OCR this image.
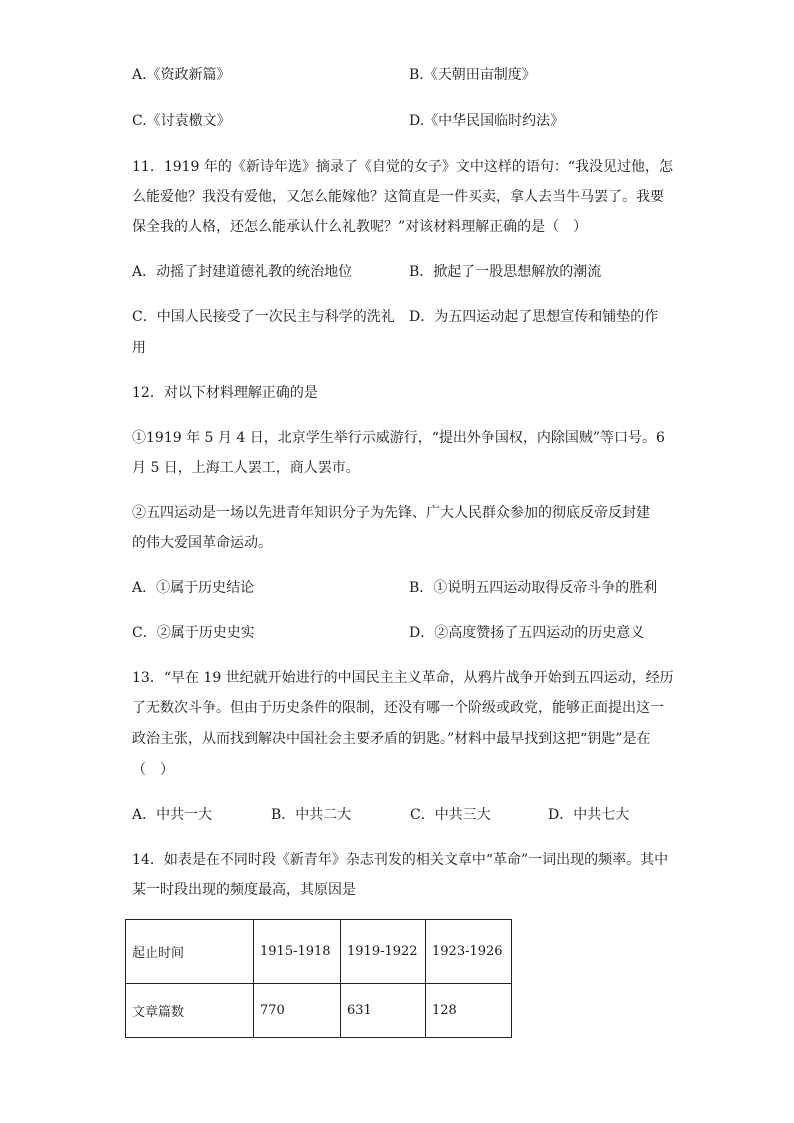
A.《资政新篇》	B.《天朝田亩制度》
C.《讨袁檄文》	D.《中华民国临时约法》
11．1919 年的《新诗年选》摘录了《自觉的女子》文中这样的语句：“我没见过他，怎
么能爱他？我没有爱他，又怎么能嫁他？这简直是一件买卖，拿人去当牛马罢了。我要
保全我的人格，还怎么能承认什么礼教呢？”对该材料理解正确的是（　）
A．动摇了封建道德礼教的统治地位	B．掀起了一股思想解放的潮流
C．中国人民接受了一次民主与科学的洗礼 D．为五四运动起了思想宣传和铺垫的作
用
12．对以下材料理解正确的是
①1919 年 5 月 4 日，北京学生举行示威游行，“提出外争国权，内除国贼”等口号。6
月 5 日，上海工人罢工，商人罢市。
②五四运动是一场以先进青年知识分子为先锋、广大人民群众参加的彻底反帝反封建
的伟大爱国革命运动。
A．①属于历史结论	B．①说明五四运动取得反帝斗争的胜利
C．②属于历史史实	D．②高度赞扬了五四运动的历史意义
13．“早在 19 世纪就开始进行的中国民主主义革命，从鸦片战争开始到五四运动，经历
了无数次斗争。但由于历史条件的限制，还没有哪一个阶级或政党，能够正面提出这一
政治主张，从而找到解决中国社会主要矛盾的钥匙。”材料中最早找到这把“钥匙”是在
（　）
A．中共一大	B．中共二大	C．中共三大	D．中共七大
14．如表是在不同时段《新青年》杂志刊发的相关文章中“革命”一词出现的频率。其中
某一时段出现的频度最高，其原因是
起止时间	1915-1918	1919-1922	1923-1926
文章篇数	770	631	128
